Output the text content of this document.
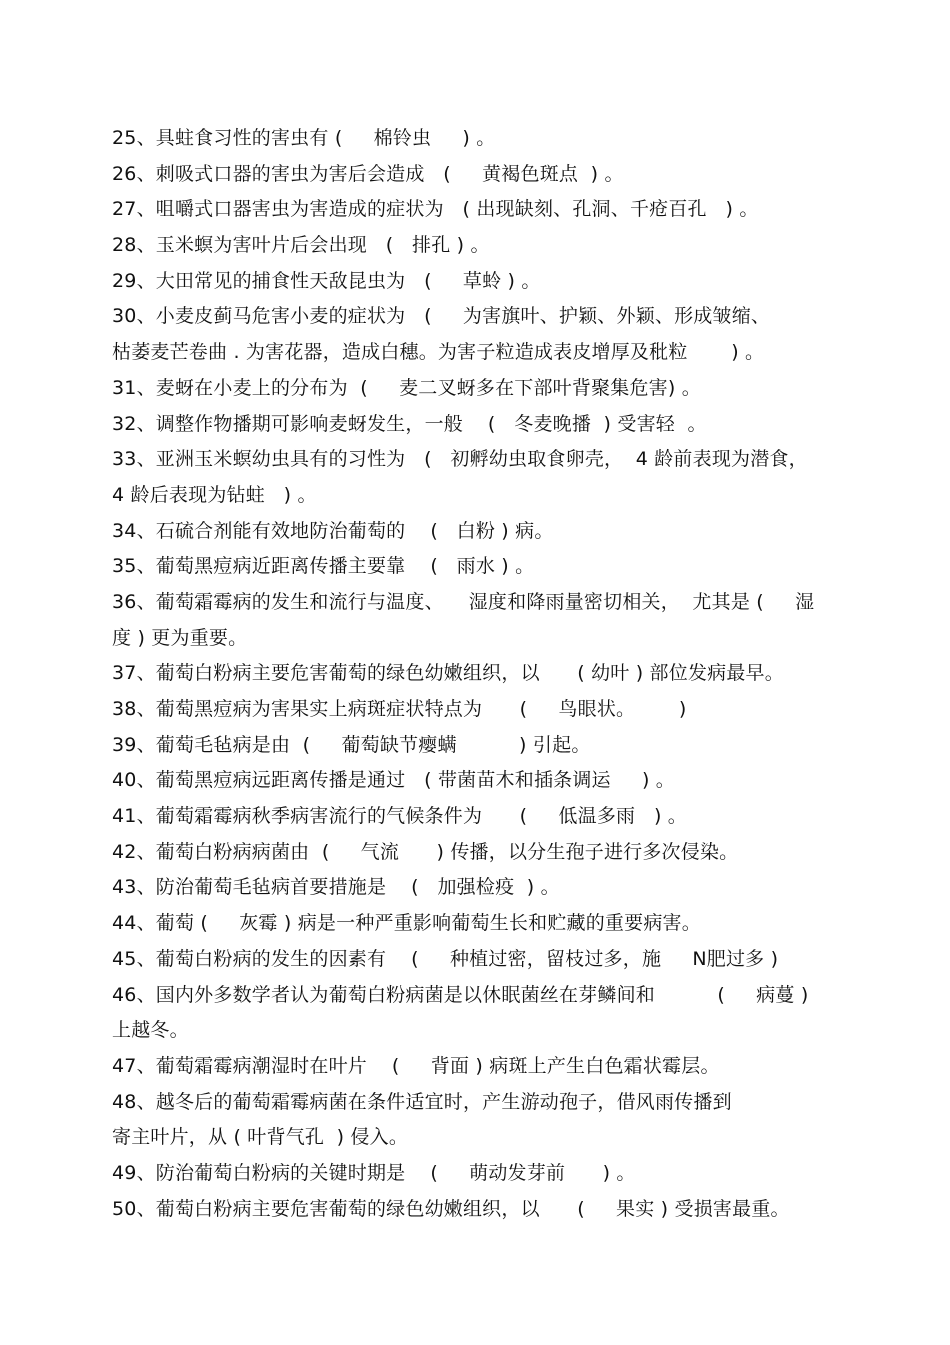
25、具蛀食习性的害虫有 (     棉铃虫     ) 。
26、刺吸式口器的害虫为害后会造成   (     黄褐色斑点  ) 。
27、咀嚼式口器害虫为害造成的症状为   ( 出现缺刻、孔洞、千疮百孔   ) 。
28、玉米螟为害叶片后会出现   (   排孔 ) 。
29、大田常见的捕食性天敌昆虫为   (     草蛉 ) 。
30、小麦皮蓟马危害小麦的症状为   (     为害旗叶、护颖、外颖、形成皱缩、
枯萎麦芒卷曲 . 为害花器，造成白穗。为害子粒造成表皮增厚及秕粒       ) 。
31、麦蚜在小麦上的分布为  (     麦二叉蚜多在下部叶背聚集危害) 。
32、调整作物播期可影响麦蚜发生，一般    (   冬麦晚播  ) 受害轻  。
33、亚洲玉米螟幼虫具有的习性为   (   初孵幼虫取食卵壳，  4 龄前表现为潜食，
4 龄后表现为钻蛀   ) 。
34、石硫合剂能有效地防治葡萄的    (   白粉 ) 病。
35、葡萄黑痘病近距离传播主要靠    (   雨水 ) 。
36、葡萄霜霉病的发生和流行与温度、    湿度和降雨量密切相关，  尤其是 (     湿
度 ) 更为重要。
37、葡萄白粉病主要危害葡萄的绿色幼嫩组织，以      ( 幼叶 ) 部位发病最早。
38、葡萄黑痘病为害果实上病斑症状特点为      (     鸟眼状。       )
39、葡萄毛毡病是由  (     葡萄缺节瘿螨          ) 引起。
40、葡萄黑痘病远距离传播是通过   ( 带菌苗木和插条调运     ) 。
41、葡萄霜霉病秋季病害流行的气候条件为      (     低温多雨   ) 。
42、葡萄白粉病病菌由  (     气流      ) 传播，以分生孢子进行多次侵染。
43、防治葡萄毛毡病首要措施是    (   加强检疫  ) 。
44、葡萄 (     灰霉 ) 病是一种严重影响葡萄生长和贮藏的重要病害。
45、葡萄白粉病的发生的因素有    (     种植过密，留枝过多，施     N肥过多 )
46、国内外多数学者认为葡萄白粉病菌是以休眠菌丝在芽鳞间和          (     病蔓 )
上越冬。
47、葡萄霜霉病潮湿时在叶片    (     背面 ) 病斑上产生白色霜状霉层。
48、越冬后的葡萄霜霉病菌在条件适宜时，产生游动孢子，借风雨传播到
寄主叶片，从 ( 叶背气孔  ) 侵入。
49、防治葡萄白粉病的关键时期是    (     萌动发芽前      ) 。
50、葡萄白粉病主要危害葡萄的绿色幼嫩组织，以      (     果实 ) 受损害最重。
